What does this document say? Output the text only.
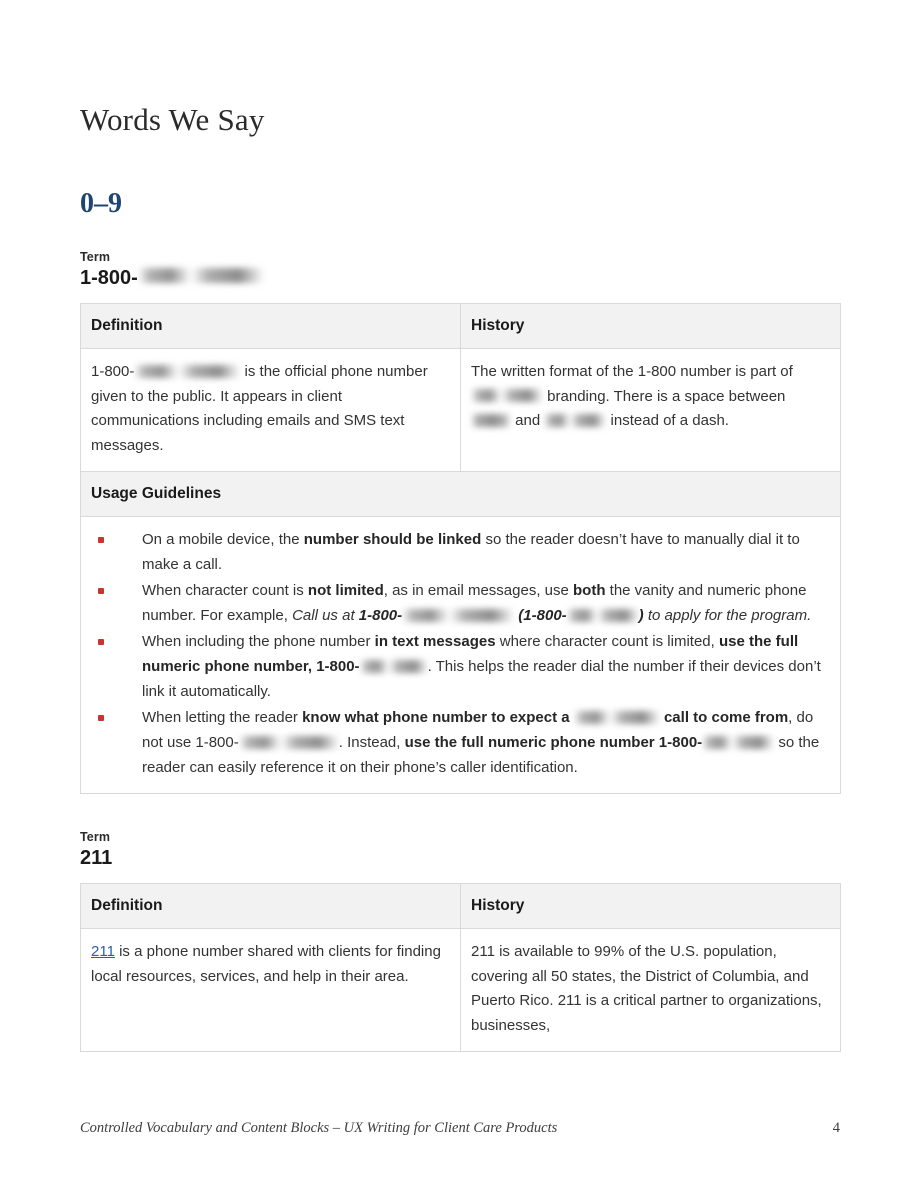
Words We Say
0–9
Term
1-800-
Definition	History
1-800- is the official phone number given to the public. It appears in client communications including emails and SMS text messages.	The written format of the 1-800 number is part of  branding. There is a space between  and instead of a dash.
Usage Guidelines	

On a mobile device, the number should be linked so the reader doesn’t have to manually dial it to make a call.
When character count is not limited, as in email messages, use both the vanity and numeric phone number. For example, Call us at 1-800-	(1-800-	) to apply for the program.
When including the phone number in text messages where character count is limited, use the full numeric phone number, 1-800-	. This helps the reader dial the number if their devices don’t link it automatically.
When letting the reader know what phone number to expect a	call to come from, do not use 1-800-	. Instead, use the full numeric phone number 1-800-	so the reader can easily reference it on their phone’s caller identification.
Term
211
Definition	History
211 is a phone number shared with clients for finding local resources, services, and help in their area.	211 is available to 99% of the U.S. population, covering all 50 states, the District of Columbia, and Puerto Rico. 211 is a critical partner to organizations, businesses,
Controlled Vocabulary and Content Blocks – UX Writing for Client Care Products	4
